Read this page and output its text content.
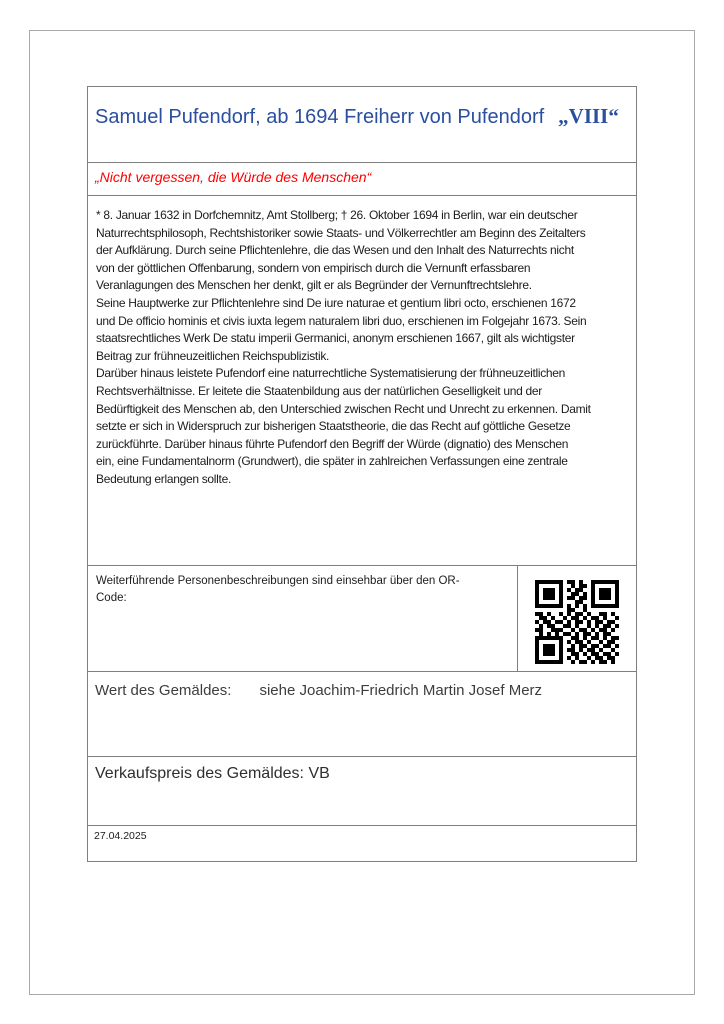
Samuel Pufendorf, ab 1694 Freiherr von Pufendorf „VIII“
„Nicht vergessen, die Würde des Menschen“
* 8. Januar 1632 in Dorfchemnitz, Amt Stollberg; † 26. Oktober 1694 in Berlin, war ein deutscher
Naturrechtsphilosoph, Rechtshistoriker sowie Staats- und Völkerrechtler am Beginn des Zeitalters
der Aufklärung. Durch seine Pflichtenlehre, die das Wesen und den Inhalt des Naturrechts nicht
von der göttlichen Offenbarung, sondern von empirisch durch die Vernunft erfassbaren
Veranlagungen des Menschen her denkt, gilt er als Begründer der Vernunftrechtslehre.
Seine Hauptwerke zur Pflichtenlehre sind De iure naturae et gentium libri octo, erschienen 1672
und De officio hominis et civis iuxta legem naturalem libri duo, erschienen im Folgejahr 1673. Sein
staatsrechtliches Werk De statu imperii Germanici, anonym erschienen 1667, gilt als wichtigster
Beitrag zur frühneuzeitlichen Reichspublizistik.
Darüber hinaus leistete Pufendorf eine naturrechtliche Systematisierung der frühneuzeitlichen
Rechtsverhältnisse. Er leitete die Staatenbildung aus der natürlichen Geselligkeit und der
Bedürftigkeit des Menschen ab, den Unterschied zwischen Recht und Unrecht zu erkennen. Damit
setzte er sich in Widerspruch zur bisherigen Staatstheorie, die das Recht auf göttliche Gesetze
zurückführte. Darüber hinaus führte Pufendorf den Begriff der Würde (dignatio) des Menschen
ein, eine Fundamentalnorm (Grundwert), die später in zahlreichen Verfassungen eine zentrale
Bedeutung erlangen sollte.
Weiterführende Personenbeschreibungen sind einsehbar über den OR-
Code:
Wert des Gemäldes: siehe Joachim-Friedrich Martin Josef Merz
Verkaufspreis des Gemäldes: VB
27.04.2025
